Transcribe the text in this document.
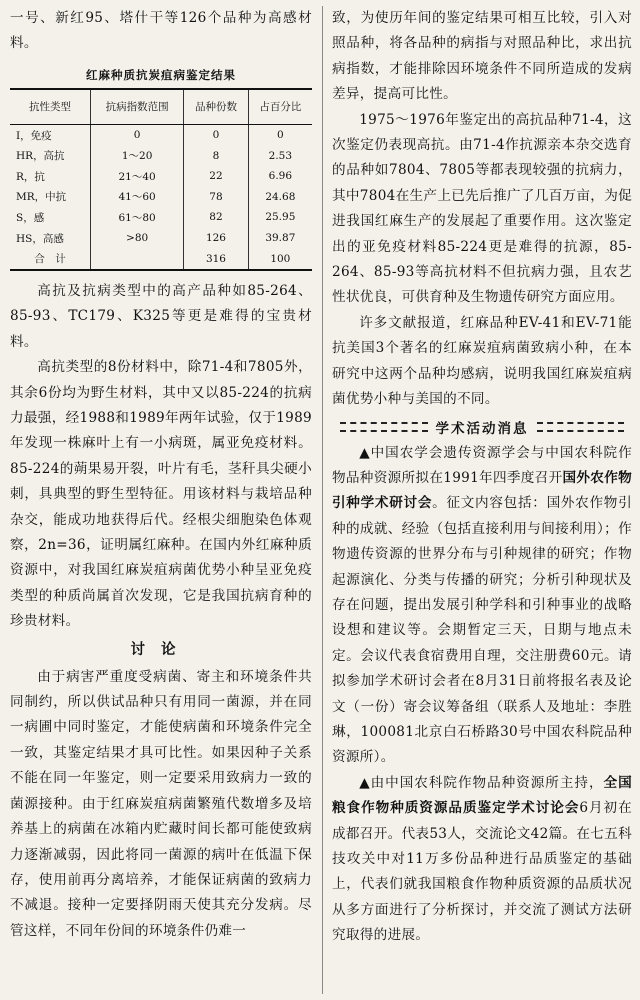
一号、新红95、塔什干等126个品种为高感材料。

红麻种质抗炭疽病鉴定结果
抗性类型	抗病指数范围	品种份数	占百分比
I，免疫	0	0	0
HR，高抗	1～20	8	2.53
R，抗	21～40	22	6.96
MR，中抗	41～60	78	24.68
S，感	61～80	82	25.95
HS，高感	>80	126	39.87
合　计		316	100

高抗及抗病类型中的高产品种如85-264、85-93、TC179、K325等更是难得的宝贵材料。

高抗类型的8份材料中，除71-4和7805外，其余6份均为野生材料，其中又以85-224的抗病力最强，经1988和1989年两年试验，仅于1989年发现一株麻叶上有一小病斑，属亚免疫材料。85-224的蒴果易开裂，叶片有毛，茎秆具尖硬小刺，具典型的野生型特征。用该材料与栽培品种杂交，能成功地获得后代。经根尖细胞染色体观察，2n=36，证明属红麻种。在国内外红麻种质资源中，对我国红麻炭疽病菌优势小种呈亚免疫类型的种质尚属首次发现，它是我国抗病育种的珍贵材料。

讨论

由于病害严重度受病菌、寄主和环境条件共同制约，所以供试品种只有用同一菌源，并在同一病圃中同时鉴定，才能使病菌和环境条件完全一致，其鉴定结果才具可比性。如果因种子关系不能在同一年鉴定，则一定要采用致病力一致的菌源接种。由于红麻炭疽病菌繁殖代数增多及培养基上的病菌在冰箱内贮藏时间长都可能使致病力逐渐减弱，因此将同一菌源的病叶在低温下保存，使用前再分离培养，才能保证病菌的致病力不减退。接种一定要择阴雨天使其充分发病。尽管这样，不同年份间的环境条件仍难一

致，为使历年间的鉴定结果可相互比较，引入对照品种，将各品种的病指与对照品种比，求出抗病指数，才能排除因环境条件不同所造成的发病差异，提高可比性。

1975～1976年鉴定出的高抗品种71-4，这次鉴定仍表现高抗。由71-4作抗源亲本杂交选育的品种如7804、7805等都表现较强的抗病力，其中7804在生产上已先后推广了几百万亩，为促进我国红麻生产的发展起了重要作用。这次鉴定出的亚免疫材料85-224更是难得的抗源，85-264、85-93等高抗材料不但抗病力强，且农艺性状优良，可供育种及生物遗传研究方面应用。

许多文献报道，红麻品种EV-41和EV-71能抗美国3个著名的红麻炭疽病菌致病小种，在本研究中这两个品种均感病，说明我国红麻炭疽病菌优势小种与美国的不同。

学术活动消息

▲中国农学会遗传资源学会与中国农科院作物品种资源所拟在1991年四季度召开国外农作物引种学术研讨会。征文内容包括：国外农作物引种的成就、经验（包括直接利用与间接利用）；作物遗传资源的世界分布与引种规律的研究；作物起源演化、分类与传播的研究；分析引种现状及存在问题，提出发展引种学科和引种事业的战略设想和建议等。会期暂定三天，日期与地点未定。会议代表食宿费用自理，交注册费60元。请拟参加学术研讨会者在8月31日前将报名表及论文（一份）寄会议筹备组（联系人及地址：李胜琳，100081北京白石桥路30号中国农科院品种资源所）。

▲由中国农科院作物品种资源所主持，全国粮食作物种质资源品质鉴定学术讨论会6月初在成都召开。代表53人，交流论文42篇。在七五科技攻关中对11万多份品种进行品质鉴定的基础上，代表们就我国粮食作物种质资源的品质状况从多方面进行了分析探讨，并交流了测试方法研究取得的进展。
